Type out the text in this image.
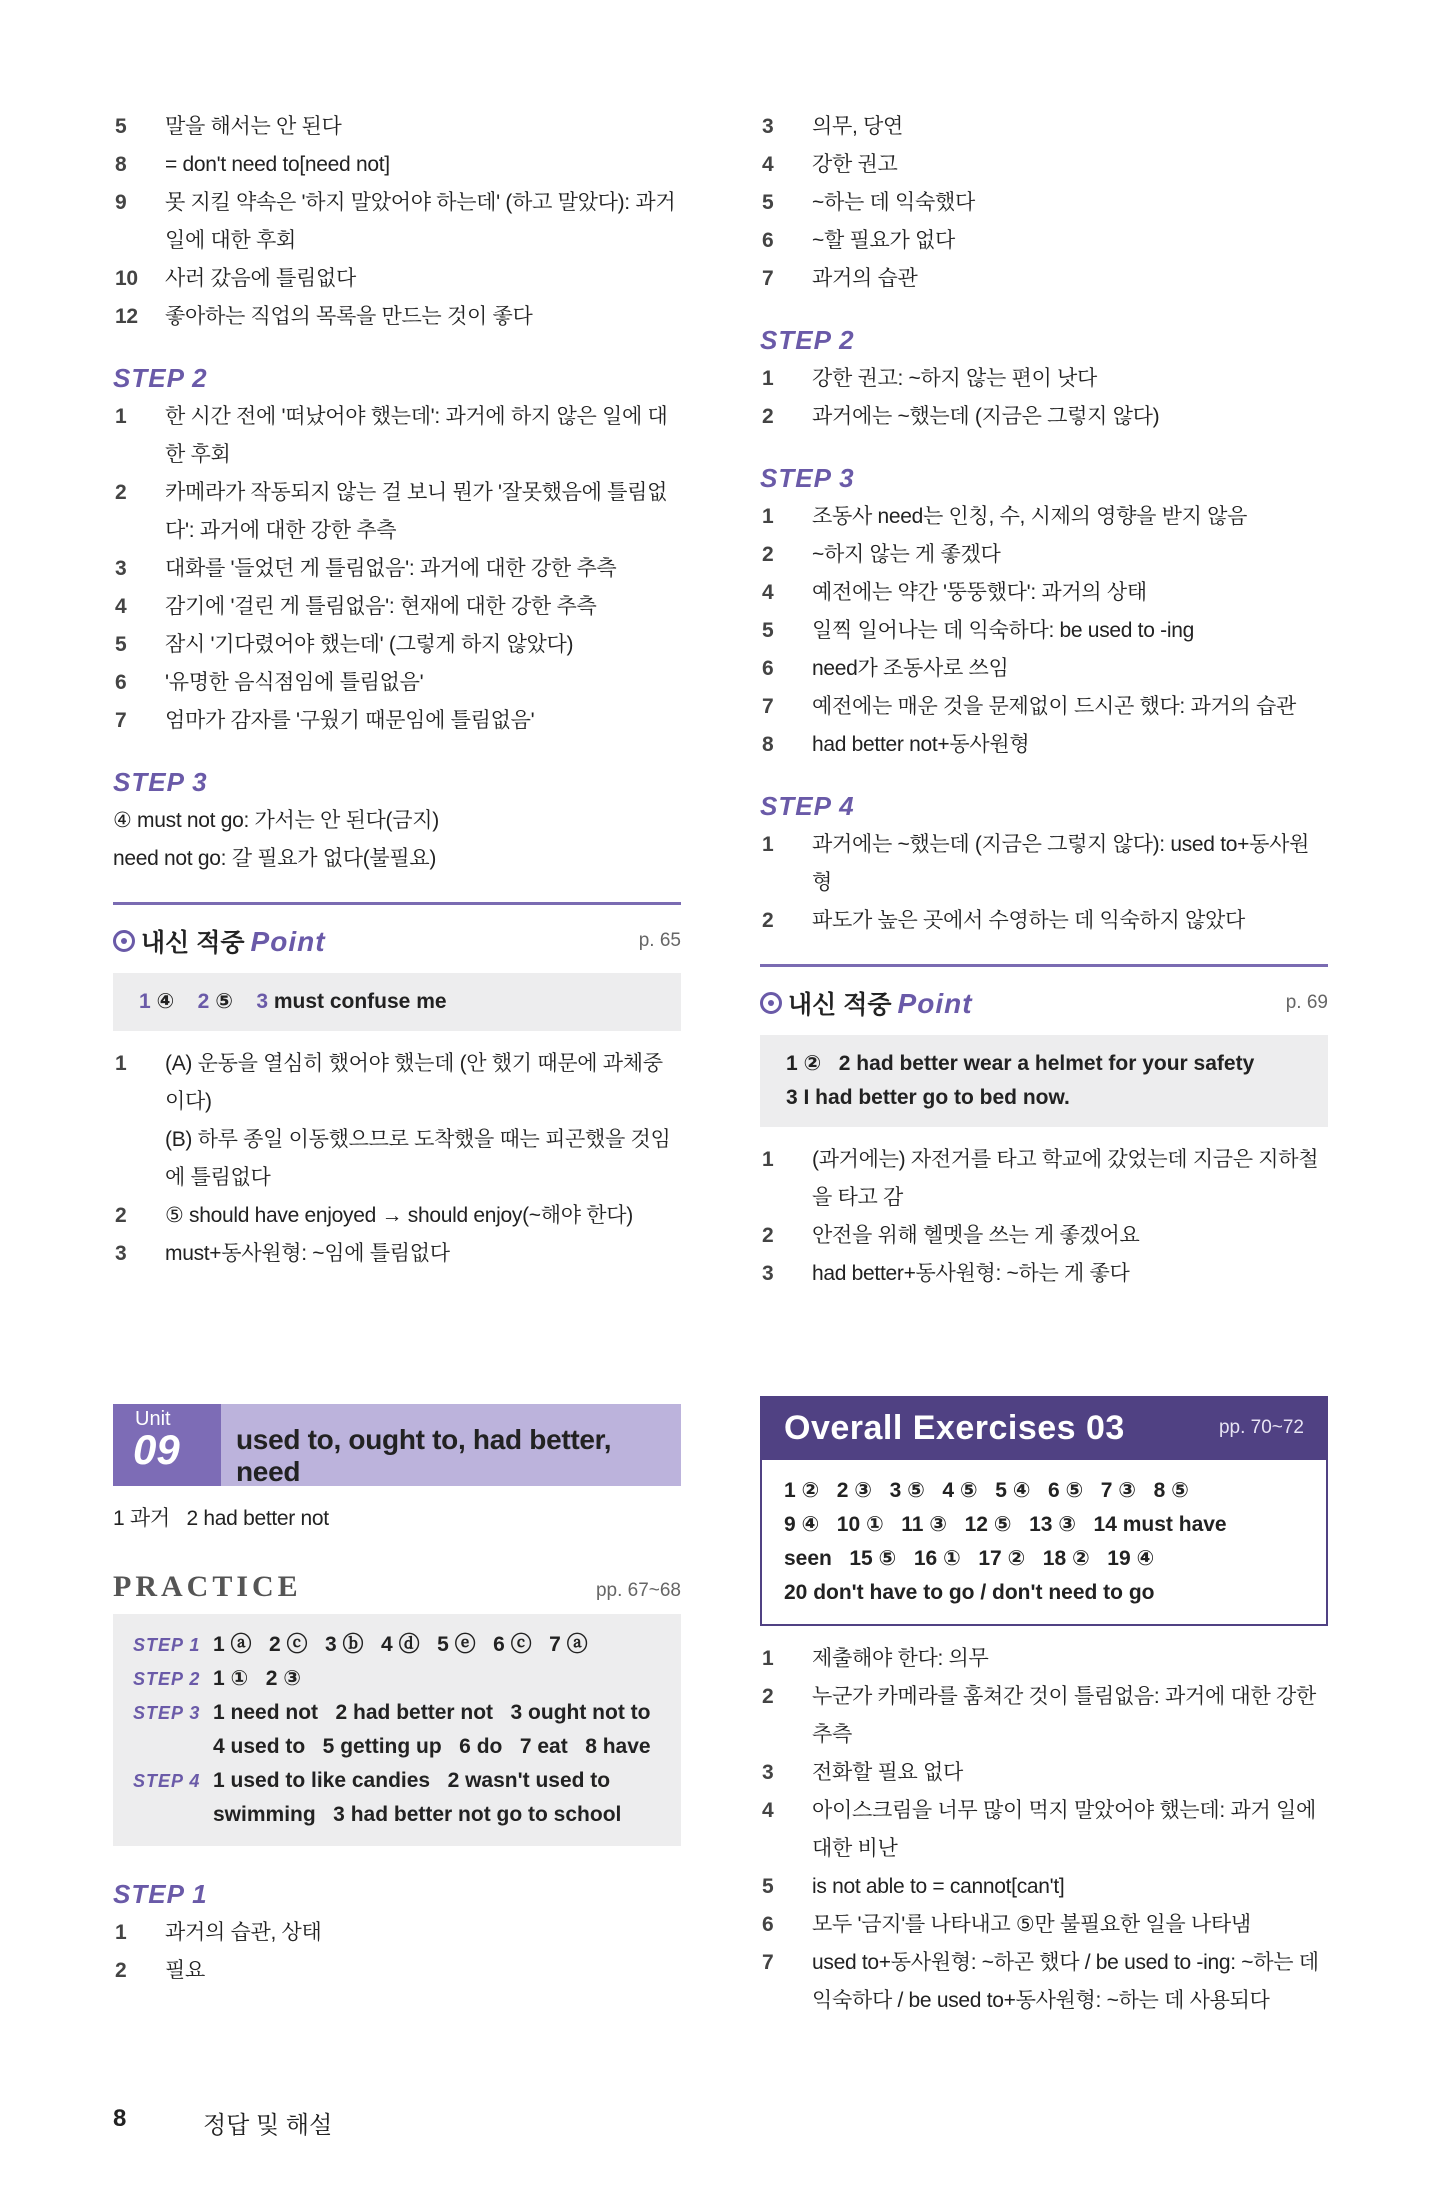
5	말을 해서는 안 된다
8	= don't need to[need not]
9	못 지킬 약속은 '하지 말았어야 하는데' (하고 말았다): 과거 일에 대한 후회
10	사러 갔음에 틀림없다
12	좋아하는 직업의 목록을 만드는 것이 좋다
STEP 2
1	한 시간 전에 '떠났어야 했는데': 과거에 하지 않은 일에 대한 후회
2	카메라가 작동되지 않는 걸 보니 뭔가 '잘못했음에 틀림없다': 과거에 대한 강한 추측
3	대화를 '들었던 게 틀림없음': 과거에 대한 강한 추측
4	감기에 '걸린 게 틀림없음': 현재에 대한 강한 추측
5	잠시 '기다렸어야 했는데' (그렇게 하지 않았다)
6	'유명한 음식점임에 틀림없음'
7	엄마가 감자를 '구웠기 때문임에 틀림없음'
STEP 3
④ must not go: 가서는 안 된다(금지)
need not go: 갈 필요가 없다(불필요)
내신 적중 Point	p. 65
1 ④ 2 ⑤ 3 must confuse me
1	(A) 운동을 열심히 했어야 했는데 (안 했기 때문에 과체중이다)
(B) 하루 종일 이동했으므로 도착했을 때는 피곤했을 것임에 틀림없다
2	⑤ should have enjoyed → should enjoy(~해야 한다)
3	must+동사원형: ~임에 틀림없다
Unit
09 used to, ought to, had better, need
1 과거   2 had better not
PRACTICE	pp. 67~68
STEP 1 1 ⓐ   2 ⓒ   3 ⓑ   4 ⓓ   5 ⓔ   6 ⓒ   7 ⓐ
STEP 2 1 ①   2 ③
STEP 3 1 need not   2 had better not   3 ought not to   4 used to   5 getting up   6 do   7 eat   8 have
STEP 4 1 used to like candies   2 wasn't used to swimming   3 had better not go to school
STEP 1
1	과거의 습관, 상태
2	필요
3	의무, 당연
4	강한 권고
5	~하는 데 익숙했다
6	~할 필요가 없다
7	과거의 습관
STEP 2
1	강한 권고: ~하지 않는 편이 낫다
2	과거에는 ~했는데 (지금은 그렇지 않다)
STEP 3
1	조동사 need는 인칭, 수, 시제의 영향을 받지 않음
2	~하지 않는 게 좋겠다
4	예전에는 약간 '뚱뚱했다': 과거의 상태
5	일찍 일어나는 데 익숙하다: be used to -ing
6	need가 조동사로 쓰임
7	예전에는 매운 것을 문제없이 드시곤 했다: 과거의 습관
8	had better not+동사원형
STEP 4
1	과거에는 ~했는데 (지금은 그렇지 않다): used to+동사원형
2	파도가 높은 곳에서 수영하는 데 익숙하지 않았다
내신 적중 Point	p. 69
1 ②   2 had better wear a helmet for your safety
3 I had better go to bed now.
1	(과거에는) 자전거를 타고 학교에 갔었는데 지금은 지하철을 타고 감
2	안전을 위해 헬멧을 쓰는 게 좋겠어요
3	had better+동사원형: ~하는 게 좋다
Overall Exercises 03	pp. 70~72
1 ②   2 ③   3 ⑤   4 ⑤   5 ④   6 ⑤   7 ③   8 ⑤
9 ④   10 ①   11 ③   12 ⑤   13 ③   14 must have
seen   15 ⑤   16 ①   17 ②   18 ②   19 ④
20 don't have to go / don't need to go
1	제출해야 한다: 의무
2	누군가 카메라를 훔쳐간 것이 틀림없음: 과거에 대한 강한 추측
3	전화할 필요 없다
4	아이스크림을 너무 많이 먹지 말았어야 했는데: 과거 일에 대한 비난
5	is not able to = cannot[can't]
6	모두 '금지'를 나타내고 ⑤만 불필요한 일을 나타냄
7	used to+동사원형: ~하곤 했다 / be used to -ing: ~하는 데 익숙하다 / be used to+동사원형: ~하는 데 사용되다
8	정답 및 해설
